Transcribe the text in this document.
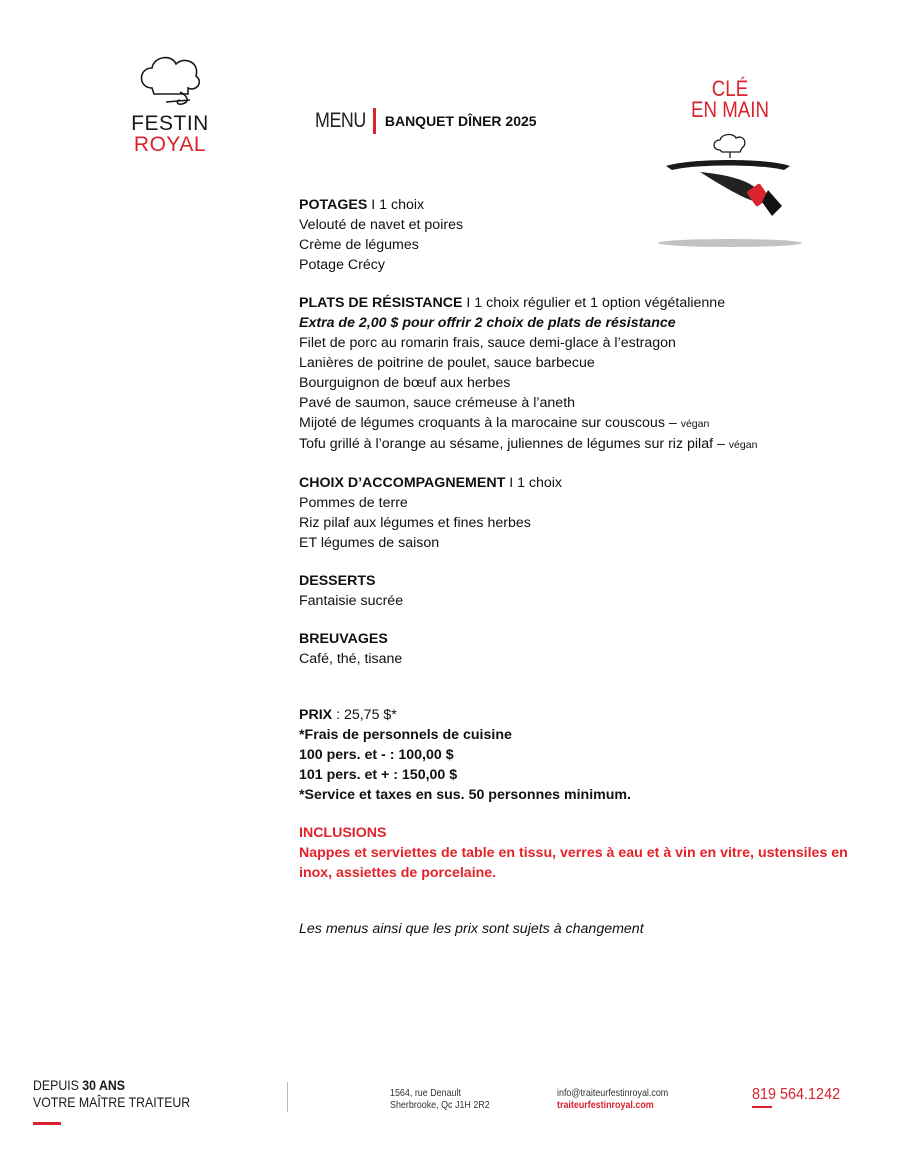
FESTIN
ROYAL
MENU BANQUET DÎNER 2025
CLÉ
EN MAIN
POTAGES I 1 choix
Velouté de navet et poires
Crème de légumes
Potage Crécy
PLATS DE RÉSISTANCE I 1 choix régulier et 1 option végétalienne
Extra de 2,00 $ pour offrir 2 choix de plats de résistance
Filet de porc au romarin frais, sauce demi-glace à l’estragon
Lanières de poitrine de poulet, sauce barbecue
Bourguignon de bœuf aux herbes
Pavé de saumon, sauce crémeuse à l’aneth
Mijoté de légumes croquants à la marocaine sur couscous – végan
Tofu grillé à l’orange au sésame, juliennes de légumes sur riz pilaf – végan
CHOIX D’ACCOMPAGNEMENT I 1 choix
Pommes de terre
Riz pilaf aux légumes et fines herbes
ET légumes de saison
DESSERTS
Fantaisie sucrée
BREUVAGES
Café, thé, tisane
PRIX : 25,75 $*
*Frais de personnels de cuisine
100 pers. et - : 100,00 $
101 pers. et + : 150,00 $
*Service et taxes en sus. 50 personnes minimum.
INCLUSIONS
Nappes et serviettes de table en tissu, verres à eau et à vin en vitre, ustensiles en inox, assiettes de porcelaine.
Les menus ainsi que les prix sont sujets à changement
DEPUIS 30 ANS
VOTRE MAÎTRE TRAITEUR
1564, rue Denault
Sherbrooke, Qc J1H 2R2
info@traiteurfestinroyal.com
traiteurfestinroyal.com
819 564.1242
